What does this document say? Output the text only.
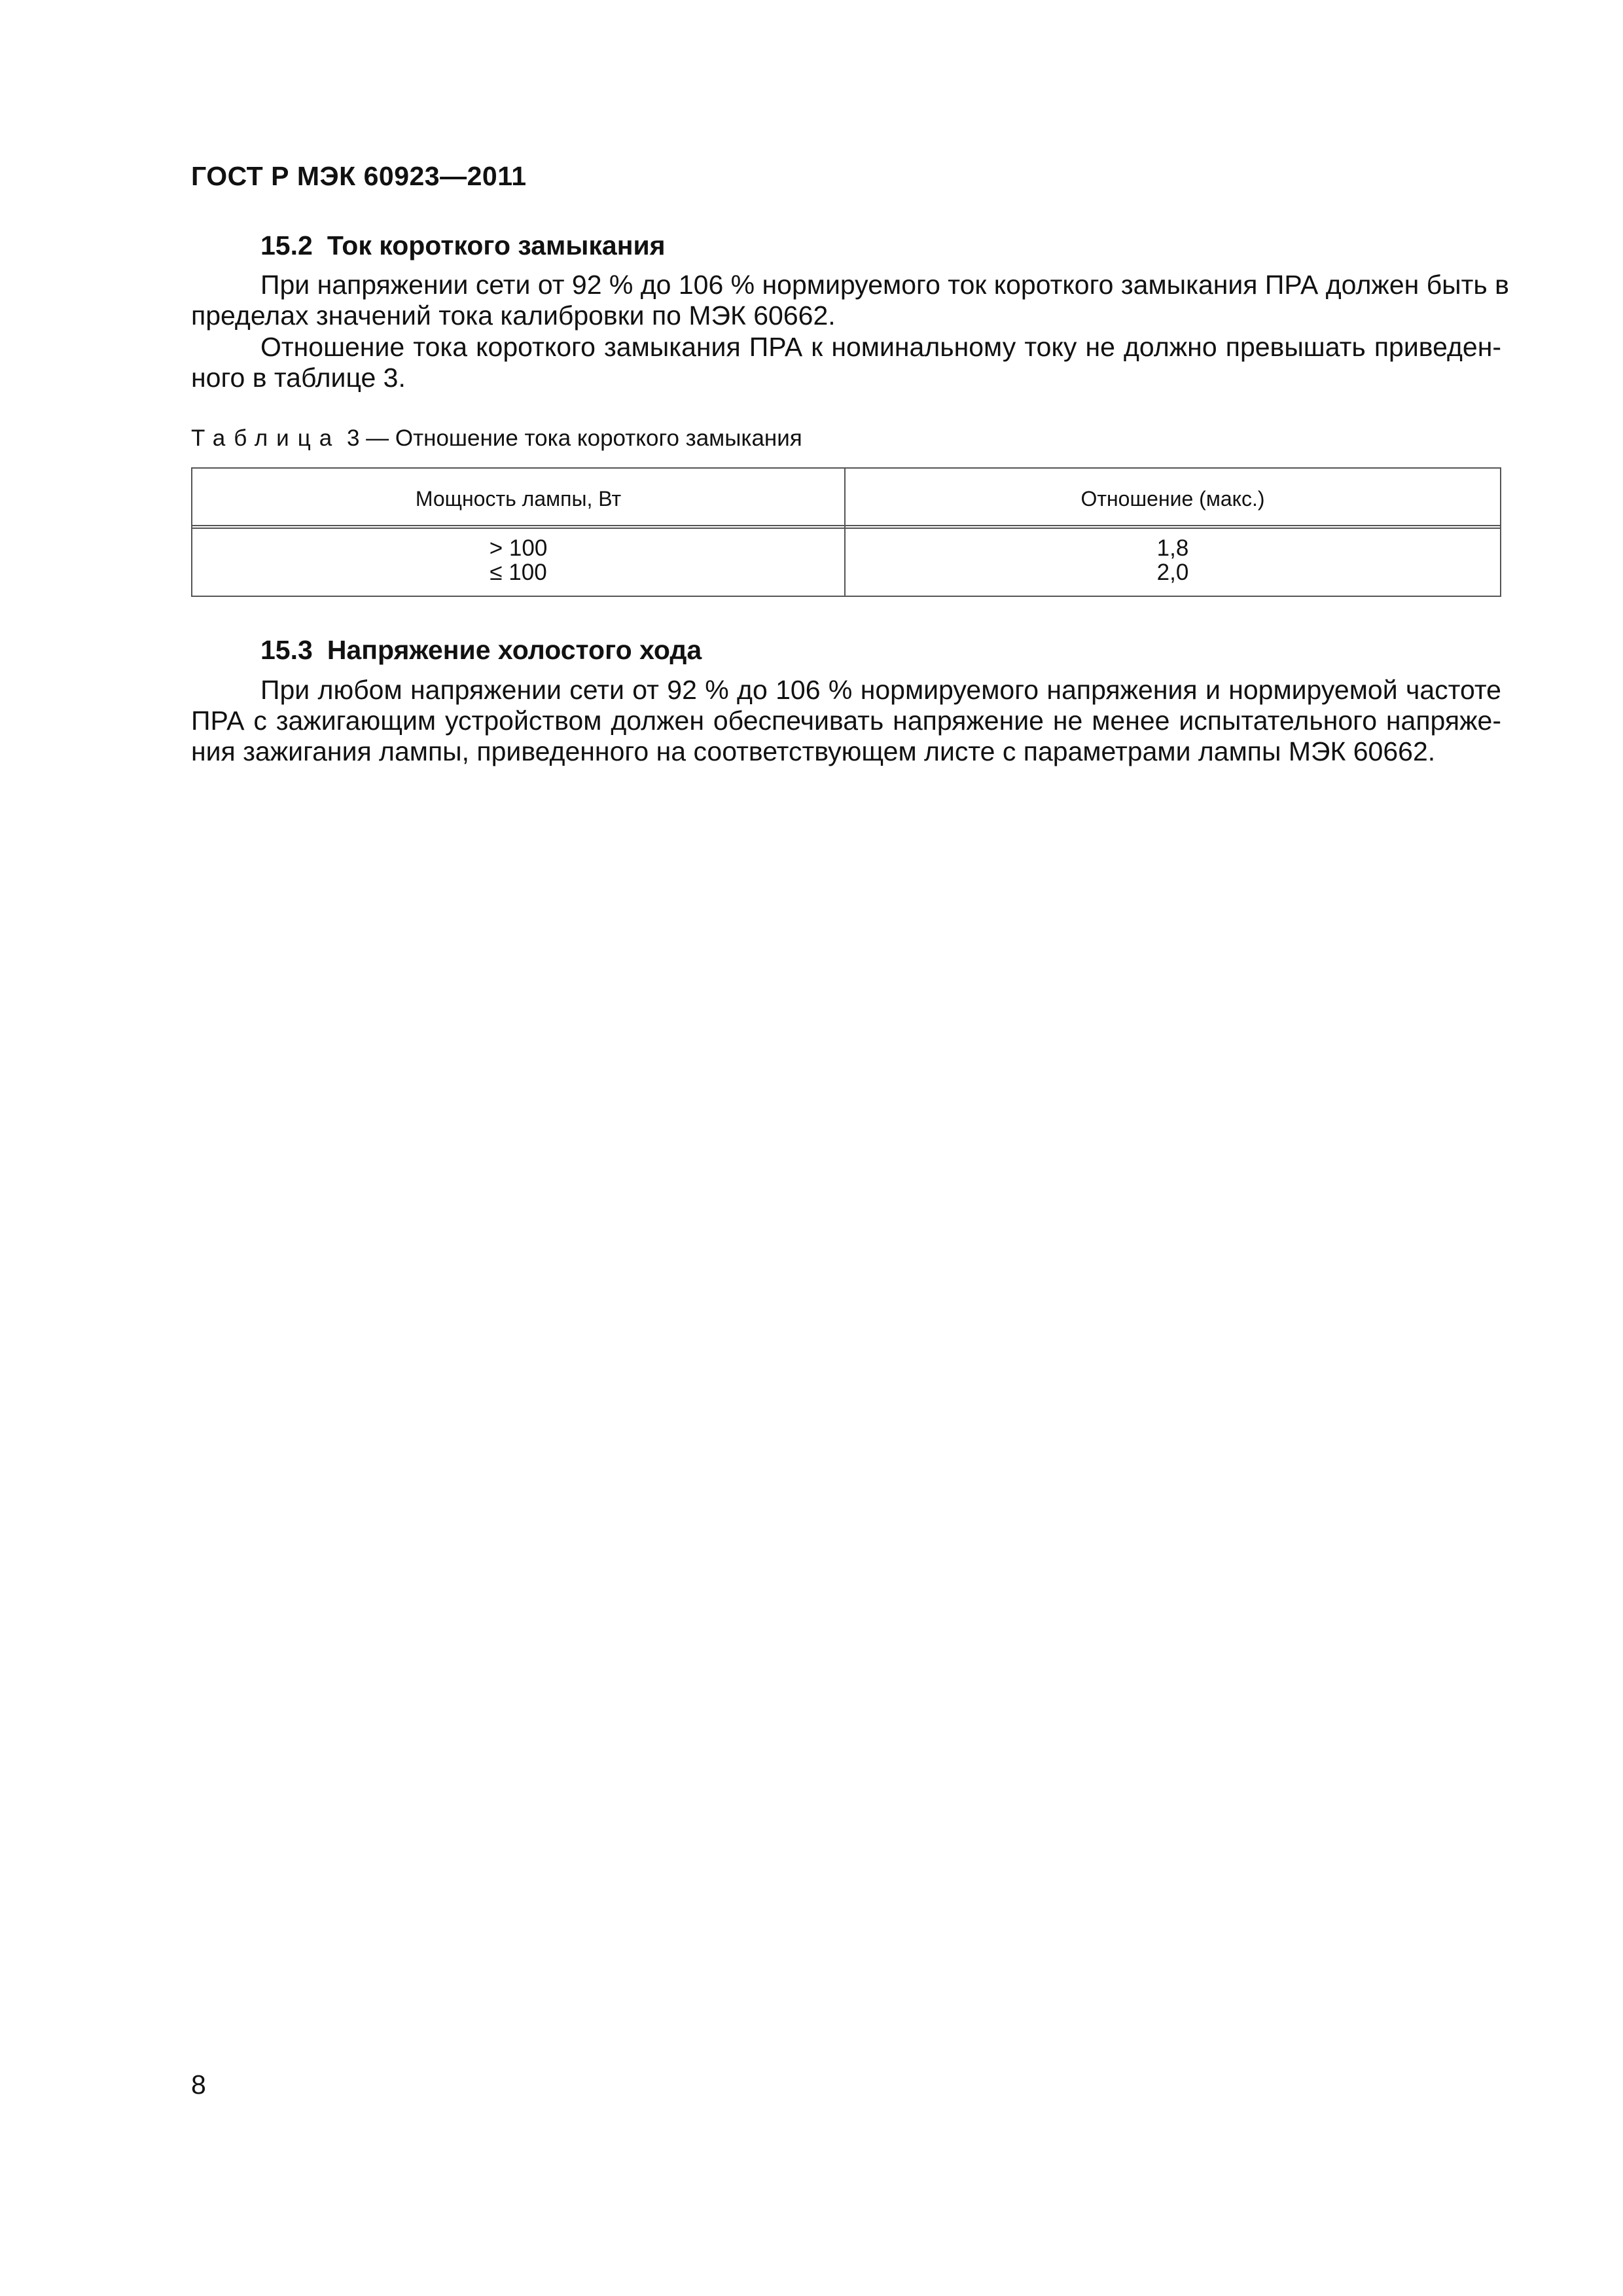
ГОСТ Р МЭК 60923—2011
15.2 Ток короткого замыкания
При напряжении сети от 92 % до 106 % нормируемого ток короткого замыкания ПРА должен быть в
пределах значений тока калибровки по МЭК 60662.
Отношение тока короткого замыкания ПРА к номинальному току не должно превышать приведен-
ного в таблице 3.
Таблица 3 — Отношение тока короткого замыкания
Мощность лампы, Вт	Отношение (макс.)
> 100	1,8
≤ 100	2,0
15.3 Напряжение холостого хода
При любом напряжении сети от 92 % до 106 % нормируемого напряжения и нормируемой частоте
ПРА с зажигающим устройством должен обеспечивать напряжение не менее испытательного напряже-
ния зажигания лампы, приведенного на соответствующем листе с параметрами лампы МЭК 60662.
8
